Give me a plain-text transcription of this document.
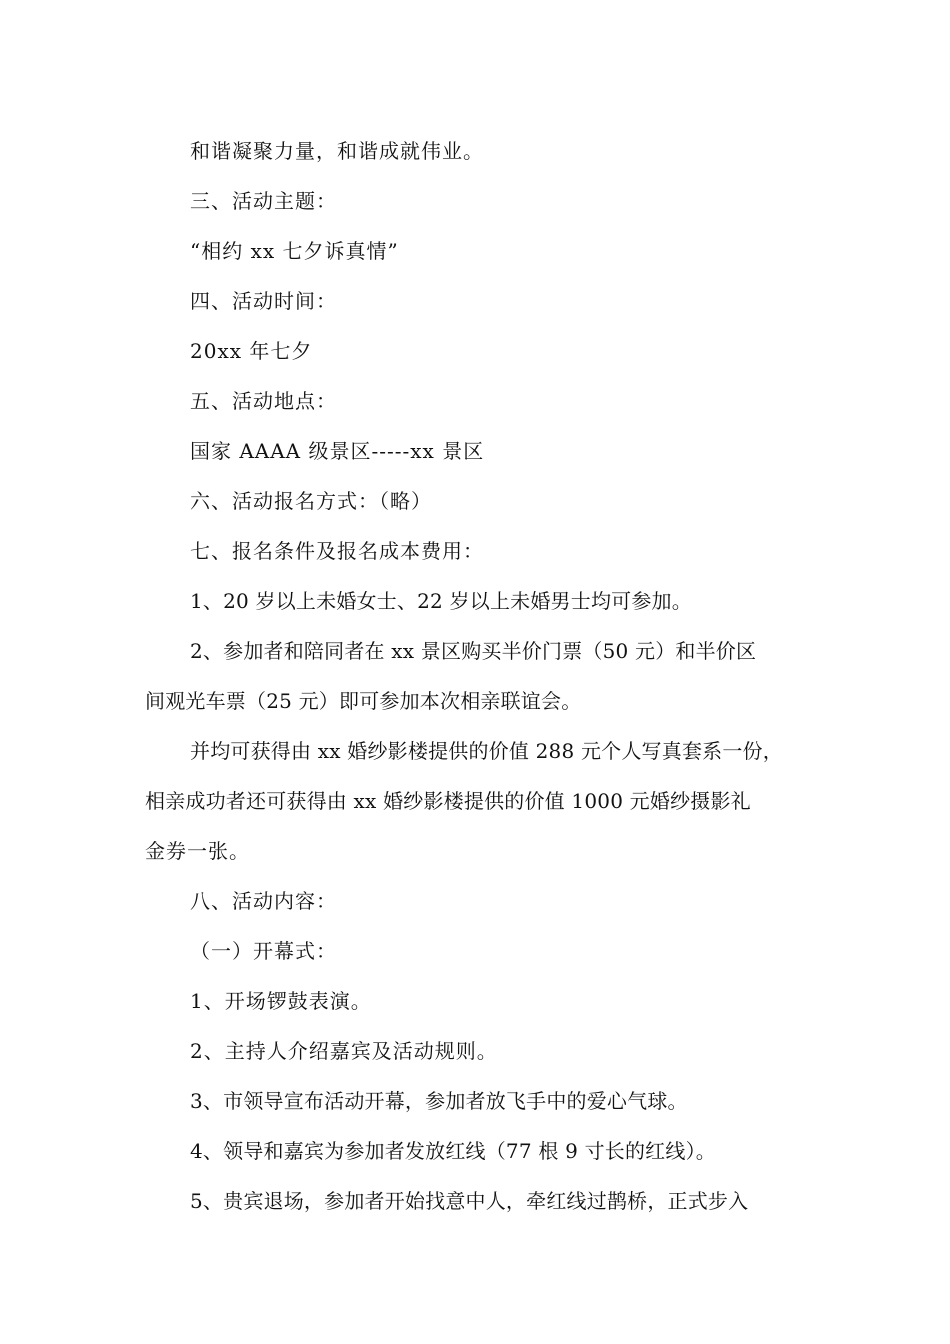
和谐凝聚力量，和谐成就伟业。
三、活动主题：
“相约 xx 七夕诉真情”
四、活动时间：
20xx 年七夕
五、活动地点：
国家 AAAA 级景区-----xx 景区
六、活动报名方式：（略）
七、报名条件及报名成本费用：
1、20 岁以上未婚女士、22 岁以上未婚男士均可参加。
2、参加者和陪同者在 xx 景区购买半价门票（50 元）和半价区
间观光车票（25 元）即可参加本次相亲联谊会。
并均可获得由 xx 婚纱影楼提供的价值 288 元个人写真套系一份，
相亲成功者还可获得由 xx 婚纱影楼提供的价值 1000 元婚纱摄影礼
金券一张。
八、活动内容：
（一）开幕式：
1、开场锣鼓表演。
2、主持人介绍嘉宾及活动规则。
3、市领导宣布活动开幕，参加者放飞手中的爱心气球。
4、领导和嘉宾为参加者发放红线（77 根 9 寸长的红线）。
5、贵宾退场，参加者开始找意中人，牵红线过鹊桥，正式步入
